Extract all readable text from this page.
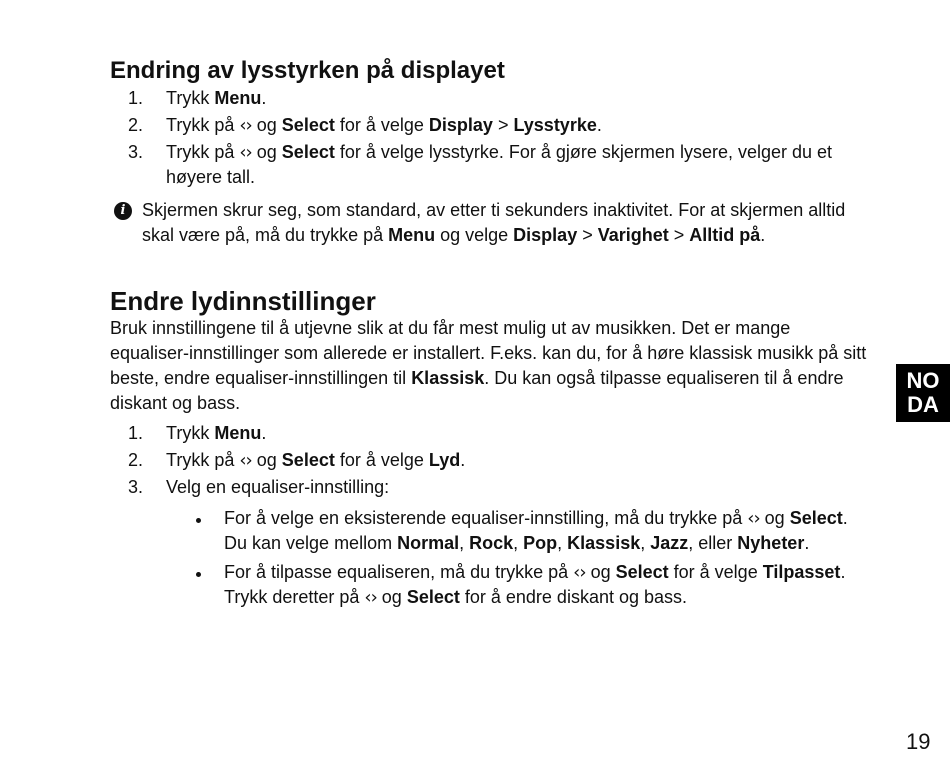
Endring av lysstyrken på displayet
1. Trykk Menu.
2. Trykk på ‹› og Select for å velge Display > Lysstyrke.
3. Trykk på ‹› og Select for å velge lysstyrke. For å gjøre skjermen lysere, velger du et høyere tall.
i Skjermen skrur seg, som standard, av etter ti sekunders inaktivitet. For at skjermen alltid skal være på, må du trykke på Menu og velge Display > Varighet > Alltid på.
Endre lydinnstillinger
Bruk innstillingene til å utjevne slik at du får mest mulig ut av musikken. Det er mange equaliser-innstillinger som allerede er installert. F.eks. kan du, for å høre klassisk musikk på sitt beste, endre equaliser-innstillingen til Klassisk. Du kan også tilpasse equaliseren til å endre diskant og bass.
1. Trykk Menu.
2. Trykk på ‹› og Select for å velge Lyd.
3. Velg en equaliser-innstilling:
For å velge en eksisterende equaliser-innstilling, må du trykke på ‹› og Select. Du kan velge mellom Normal, Rock, Pop, Klassisk, Jazz, eller Nyheter.
For å tilpasse equaliseren, må du trykke på ‹› og Select for å velge Tilpasset. Trykk deretter på ‹› og Select for å endre diskant og bass.
NO
DA
19
